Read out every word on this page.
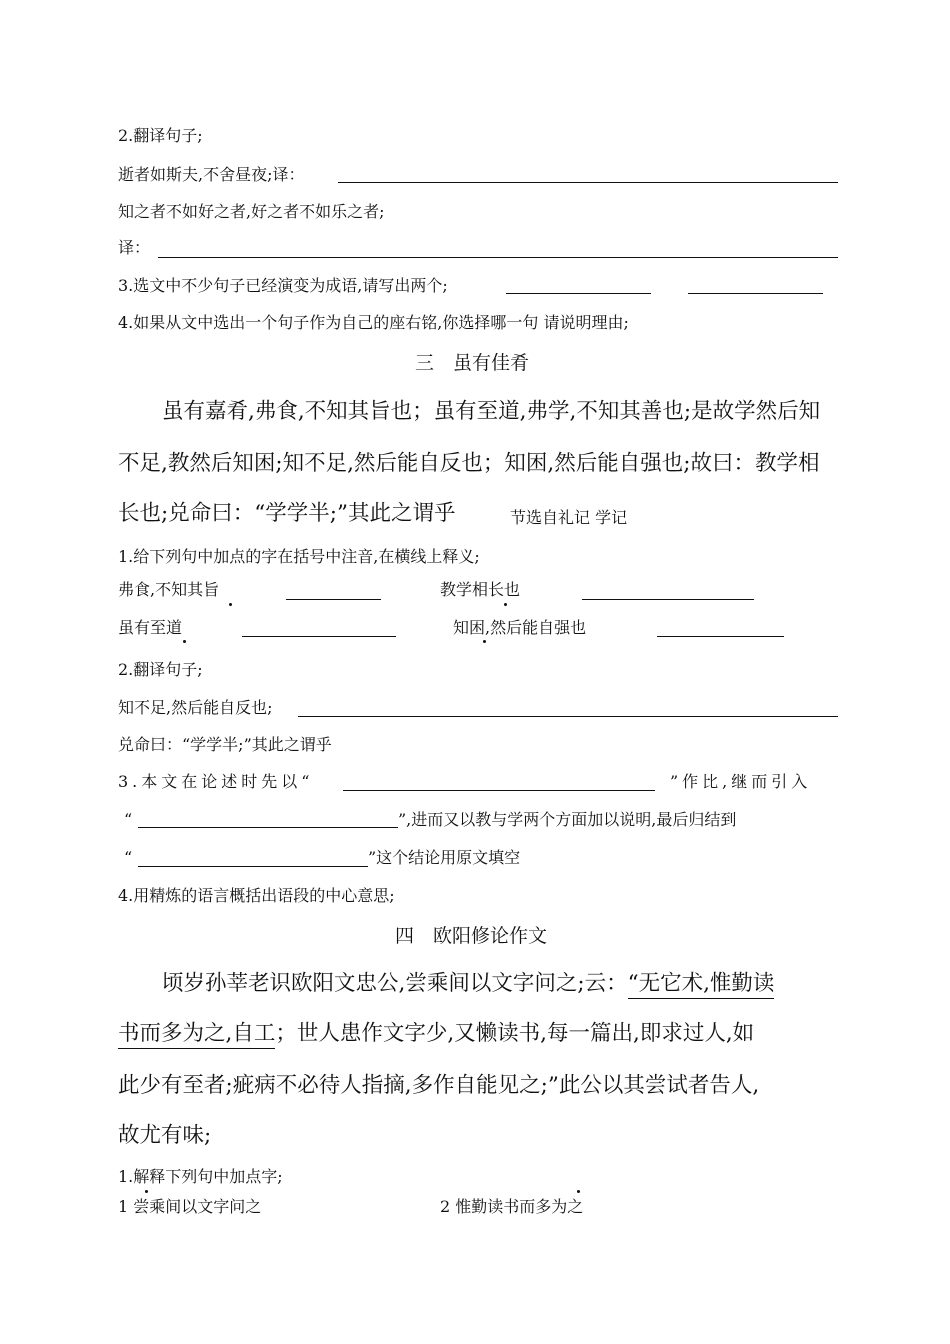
2.翻译句子;
逝者如斯夫,不舍昼夜;译：
知之者不如好之者,好之者不如乐之者;
译：
3.选文中不少句子已经演变为成语,请写出两个;
4.如果从文中选出一个句子作为自己的座右铭,你选择哪一句 请说明理由;
三　虽有佳肴
虽有嘉肴,弗食,不知其旨也；虽有至道,弗学,不知其善也;是故学然后知
不足,教然后知困;知不足,然后能自反也；知困,然后能自强也;故曰：教学相
长也;兑命曰：“学学半;”其此之谓乎	节选自礼记 学记
1.给下列句中加点的字在括号中注音,在横线上释义;
弗食,不知其旨	教学相长也
虽有至道	知困,然后能自强也
2.翻译句子;
知不足,然后能自反也;
兑命曰：“学学半;”其此之谓乎
3.本文在论述时先以“	”作比,继而引入
“	”,进而又以教与学两个方面加以说明,最后归结到
“	”这个结论用原文填空
4.用精炼的语言概括出语段的中心意思;
四　欧阳修论作文
顷岁孙莘老识欧阳文忠公,尝乘间以文字问之;云：“无它术,惟勤读
书而多为之,自工；世人患作文字少,又懒读书,每一篇出,即求过人,如
此少有至者;疵病不必待人指摘,多作自能见之;”此公以其尝试者告人,
故尤有味;
1.解释下列句中加点字;
1 尝乘间以文字问之	2 惟勤读书而多为之
